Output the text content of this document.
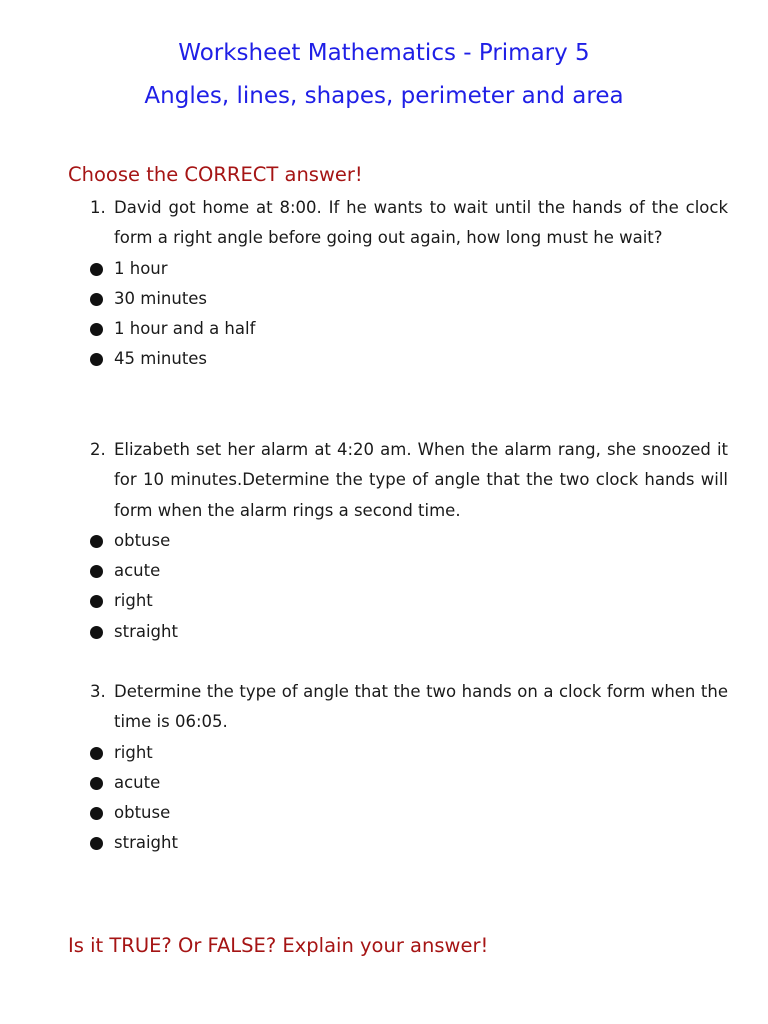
Worksheet Mathematics - Primary 5
Angles, lines, shapes, perimeter and area
Choose the CORRECT answer!
1. David got home at 8:00. If he wants to wait until the hands of the clock form a right angle before going out again, how long must he wait?
1 hour
30 minutes
1 hour and a half
45 minutes
2. Elizabeth set her alarm at 4:20 am. When the alarm rang, she snoozed it for 10 minutes.Determine the type of angle that the two clock hands will form when the alarm rings a second time.
obtuse
acute
right
straight
3. Determine the type of angle that the two hands on a clock form when the time is 06:05.
right
acute
obtuse
straight
Is it TRUE? Or FALSE? Explain your answer!
